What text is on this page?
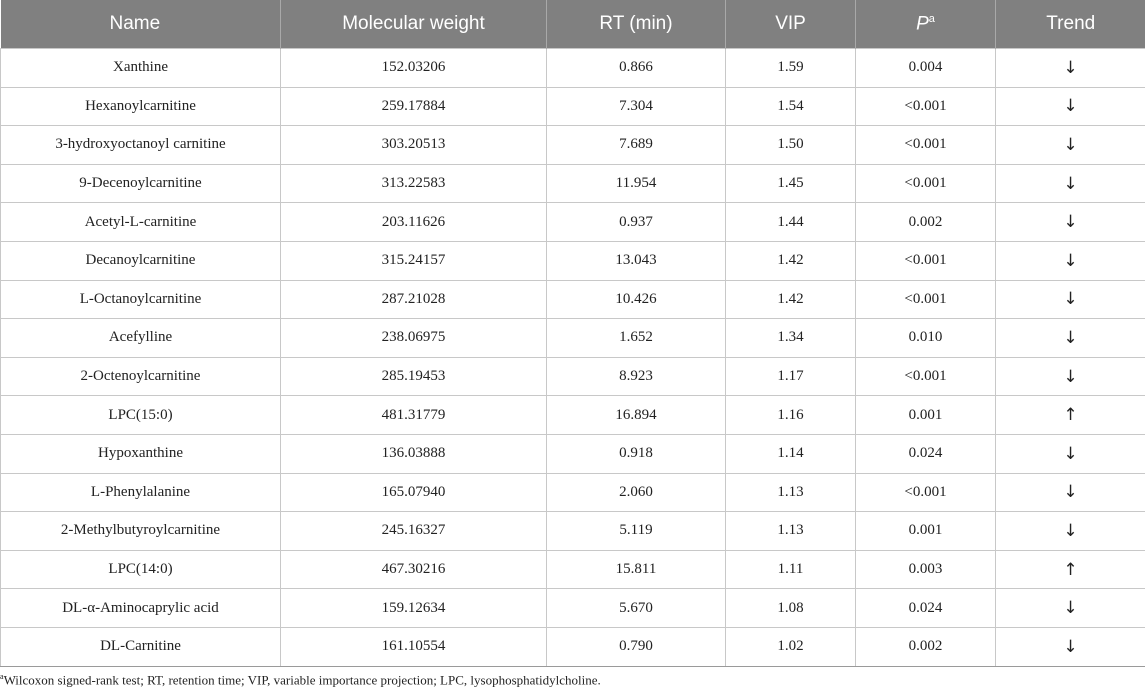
Name	Molecular weight	RT (min)	VIP	$P^a$	Trend
Xanthine	152.03206	0.866	1.59	0.004	↓
Hexanoylcarnitine	259.17884	7.304	1.54	<0.001	↓
3-hydroxyoctanoyl carnitine	303.20513	7.689	1.50	<0.001	↓
9-Decenoylcarnitine	313.22583	11.954	1.45	<0.001	↓
Acetyl-L-carnitine	203.11626	0.937	1.44	0.002	↓
Decanoylcarnitine	315.24157	13.043	1.42	<0.001	↓
L-Octanoylcarnitine	287.21028	10.426	1.42	<0.001	↓
Acefylline	238.06975	1.652	1.34	0.010	↓
2-Octenoylcarnitine	285.19453	8.923	1.17	<0.001	↓
LPC(15:0)	481.31779	16.894	1.16	0.001	↑
Hypoxanthine	136.03888	0.918	1.14	0.024	↓
L-Phenylalanine	165.07940	2.060	1.13	<0.001	↓
2-Methylbutyroylcarnitine	245.16327	5.119	1.13	0.001	↓
LPC(14:0)	467.30216	15.811	1.11	0.003	↑
DL-α-Aminocaprylic acid	159.12634	5.670	1.08	0.024	↓
DL-Carnitine	161.10554	0.790	1.02	0.002	↓
$^a$Wilcoxon signed-rank test; RT, retention time; VIP, variable importance projection; LPC, lysophosphatidylcholine.
